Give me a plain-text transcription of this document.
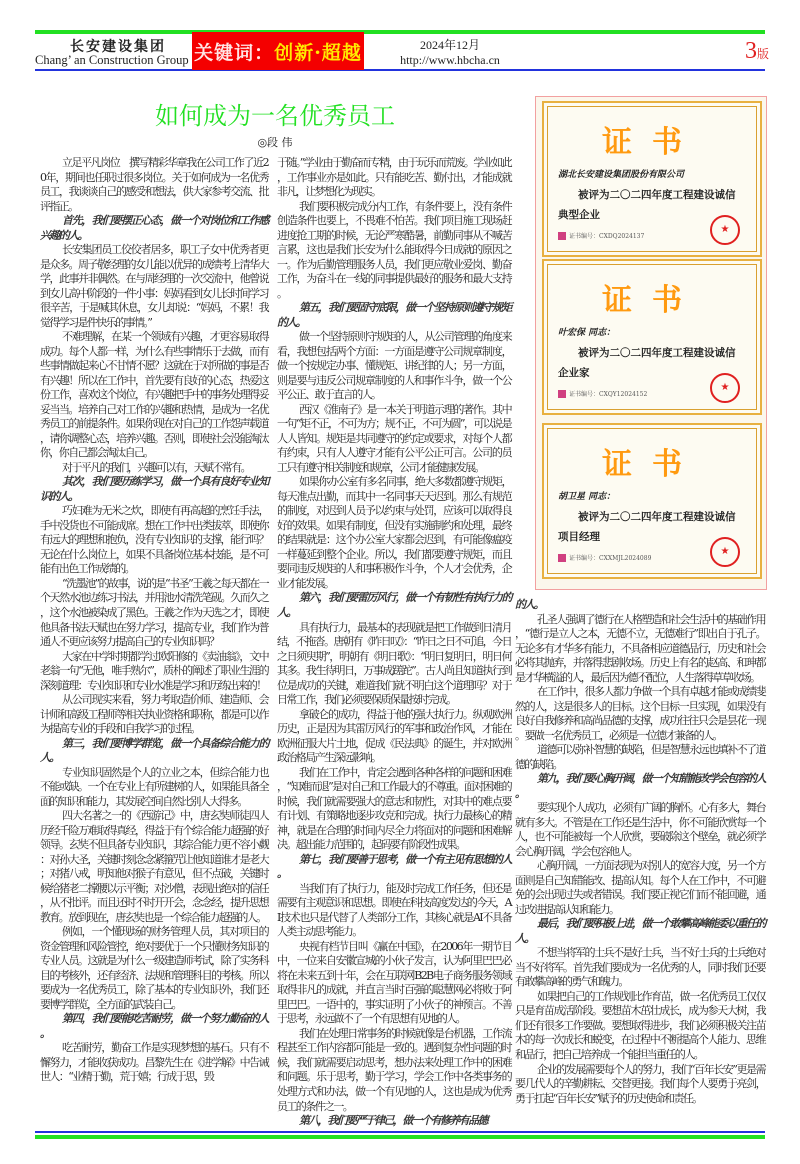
长安建设集团
Chang’ an Construction Group 关键词： 创新·超越	2024年12月
http://www.hbcha.cn	3版
如何成为一名优秀员工
◎段 伟

立足平凡岗位　撰写精彩华章我在公司工作了近20年，期间也任职过很多岗位。关于如何成为一名优秀员工，我谈谈自己的感受和想法，供大家参考交流、批评指正。

首先，我们要摆正心态，做一个对岗位和工作感兴趣的人。

长安集团员工佼佼者居多，职工子女中优秀者更是众多。周子敬经理的女儿能以优异的成绩考上清华大学，此事并非偶然。在与周经理的一次交流中，他曾说到女儿高中阶段的一件小事：妈妈看到女儿长时间学习很辛苦，于是喊其休息，女儿却说：“妈妈，不累！我觉得学习是件快乐的事情。”

不难理解，在某一个领域有兴趣，才更容易取得成功。每个人都一样，为什么有些事情乐于去做，而有些事情做起来心不甘情不愿？这就在于对所做的事是否有兴趣！所以在工作中，首先要有良好的心态，热爱这份工作，喜欢这个岗位，有兴趣把手中的事务处理得妥妥当当。培养自己对工作的兴趣和热情，是成为一名优秀员工的前提条件。如果你现在对自己的工作怨声载道，请你调整心态，培养兴趣。否则，即使社会没能淘汰你，你自己都会淘汰自己。

对于平凡的我们，兴趣可以有，天赋不常有。

其次，我们要历练学习，做一个具有良好专业知识的人。

巧妇难为无米之炊，即使有再高超的烹饪手法，手中没货也不可能成席。想在工作中出类拔萃，即使你有远大的理想和抱负，没有专业知识的支撑，能行吗？无论在什么岗位上，如果不具备岗位基本技能，是不可能有出色工作成绩的。

“洗墨池”的故事，说的是“书圣”王羲之每天都在一个天然水池边练习书法，并用池水清洗笔砚。久而久之，这个水池被染成了黑色。王羲之作为天选之才，即使他具备书法天赋也在努力学习，提高专业，我们作为普通人不更应该努力提高自己的专业知识吗？

大家在中学时期都学过欧阳修的《卖油翁》，文中老翁一句“无他，唯手熟尔”，质朴的阐述了职业生涯的深刻道理：专业知识和专业水准是学习和历练出来的！

从公司现实来看，努力考取造价师、建造师、会计师和高级工程师等相关执业资格和职称，都是可以作为提高专业的手段和自我学习的过程。

第三，我们要博学群览，做一个具备综合能力的人。

专业知识固然是个人的立业之本，但综合能力也不能或缺。一个在专业上有所建树的人，如果能具备全面的知识和能力，其发展空间自然比别人大得多。

四大名著之一的《西游记》中，唐玄奘师徒四人历经千险万难取得真经，得益于有个综合能力超强的好领导。玄奘不但具备专业知识，其综合能力更不容小觑：对孙大圣，关键时刻念念紧箍咒让他知道谁才是老大；对猪八戒，明知他对猴子有意见，但不点破，关键时候给猪老二撑腰以示平衡；对沙僧，表现出绝对的信任，从不批评。而且还时不时开开会，念念经，提升思想教育。放到现在，唐玄奘也是一个综合能力超强的人。

例如，一个懂现场的财务管理人员，其对项目的资金管理和风险管控，绝对要优于一个只懂财务知识的专业人员。这就是为什么一级建造师考试，除了实务科目的考核外，还有经济、法规和管理科目的考核。所以要成为一名优秀员工，除了基本的专业知识外，我们还要博学群览，全方面的武装自己。

第四，我们要能吃苦耐劳，做一个努力勤奋的人。

吃苦耐劳，勤奋工作是实现梦想的基石。只有不懈努力，才能收获成功。昌黎先生在《进学解》中告诫世人：“业精于勤，荒于嬉；行成于思，毁

于随。”学业由于勤奋而专精，由于玩乐而荒废。学业如此，工作事业亦是如此。只有能吃苦、勤付出，才能成就非凡，让梦想化为现实。

我们要积极完成分内工作，有条件要上，没有条件创造条件也要上，不畏难不怕苦。我们项目施工现场赶进度抢工期的时候，无论严寒酷暑，前勤同事从不喊苦言累，这也是我们长安为什么能取得今日成就的原因之一。作为后勤管理服务人员，我们更应敬业爱岗、勤奋工作，为奋斗在一线的同事提供最好的服务和最大支持。

第五，我们要固守底限，做一个坚持原则遵守规矩的人。

做一个坚持原则守规矩的人，从公司管理的角度来看，我想包括两个方面：一方面是遵守公司规章制度，做一个按规定办事、懂规矩、讲纪律的人；另一方面，则是要与违反公司规章制度的人和事作斗争，做一个公平公正、敢于直言的人。

西汉《淮南子》是一本关于明道示理的著作。其中一句“矩不正，不可为方；规不正，不可为圆”，可以说是人人皆知。规矩是共同遵守的约定或要求，对每个人都有约束，只有人人遵守才能有公平公正可言。公司的员工只有遵守相关制度和规章，公司才能健康发展。

如果你办公室有多名同事，绝大多数都遵守规矩，每天准点出勤，而其中一名同事天天迟到。那么有规范的制度，对迟到人员予以约束与处罚，应该可以取得良好的效果。如果有制度，但没有实施制约和处理，最终的结果就是：这个办公室大家都会迟到，有可能像瘟疫一样蔓延到整个企业。所以，我们都要遵守规矩，而且要同违反规矩的人和事积极作斗争，个人才会优秀，企业才能发展。

第六，我们要雷厉风行，做一个有韧性有执行力的人。

具有执行力，最基本的表现就是把工作做到日清月结，不拖沓。唐朝有《昨日叹》：“昨日之日不可追，今日之日须臾期”，明朝有《明日歌》：“明日复明日，明日何其多。我生待明日，万事成蹉跎”。古人尚且知道执行到位是成功的关键，难道我们就不明白这个道理吗？对于日常工作，我们必须要保质保量按时完成。

拿破仑的成功，得益于他的强大执行力。纵观欧洲历史，正是因为其雷厉风行的军事和政治作风，才能在欧洲征服大片土地，促成《民法典》的诞生，并对欧洲政治格局产生深远影响。

我们在工作中，肯定会遇到各种各样的问题和困难，“知难而退”是对自己和工作最大的不尊重。面对困难的时候，我们就需要强大的意志和韧性，对其中的难点要有计划、有策略地逐步攻克和完成。执行力最核心的精神，就是在合理的时间内尽全力将面对的问题和困难解决。超出能力范围的，起码要有阶段性成果。

第七，我们要善于思考，做一个有主见有思想的人。

当我们有了执行力，能及时完成工作任务，但还是需要有主观意识和思想。即使在科技高度发达的今天，AI技术也只是代替了人类部分工作，其核心就是AI不具备人类主动思考能力。

央视有档节目叫《赢在中国》，在2006年一期节目中，一位来自安徽宣城的小伙子发言，认为阿里巴巴必将在未来五到十年，会在互联网B2B电子商务服务领域取得非凡的成就，并直言当时百强的聪慧网必将败于阿里巴巴。一语中的，事实证明了小伙子的神预言。不善于思考，永远做不了一个有思想有见地的人。

我们在处理日常事务的时候就像是台机器，工作流程甚至工作内容都可能是一致的。遇到复杂性问题的时候，我们就需要启动思考，想办法来处理工作中的困难和问题。乐于思考，勤于学习，学会工作中各类事务的处理方式和办法，做一个有见地的人，这也是成为优秀员工的条件之一。

第八，我们要严于律己，做一个有修养有品德

的人。

孔圣人强调了德行在人格塑造和社会生活中的基础作用，“德行是立人之本，无德不立，无德难行”即出自于孔子。无论多有才华多有能力，不具备相应道德品行，历史和社会必将其抛弃，并落得悲剧收场。历史上有名的赵高、和珅都是才华横溢的人，最后因为德不配位，人生落得草草收场。

在工作中，很多人都力争做一个具有卓越才能或成绩斐然的人，这是很多人的目标。这个目标一旦实现，如果没有良好自我修养和高尚品德的支撑，成功往往只会是昙花一现。要做一名优秀员工，必须是一位德才兼备的人。

道德可以弥补智慧的缺陷，但是智慧永远也填补不了道德的缺陷。

第九，我们要心胸开阔，做一个知错能改学会包容的人。

要实现个人成功，必须有广阔的胸怀。心有多大，舞台就有多大。不管是在工作还是生活中，你不可能欣赏每一个人，也不可能被每一个人欣赏，要破除这个壁垒，就必须学会心胸开阔，学会包容他人。

心胸开阔，一方面表现为对别人的宽容大度，另一个方面则是自己知错能改、提高认知。每个人在工作中，不可避免的会出现过失或者错误。我们要正视它们而不能回避，通过改进提高认知和能力。

最后，我们要积极上进，做一个敢攀高峰能委以重任的人。

不想当将军的士兵不是好士兵，当不好士兵的士兵绝对当不好将军。首先我们要成为一名优秀的人，同时我们还要有敢攀高峰的勇气和魄力。

如果把自己的工作规划比作育苗，做一名优秀员工仅仅只是育苗成活阶段。要想苗木茁壮成长，成为参天大树，我们还有很多工作要做。要想取得进步，我们必须积极关注苗木的每一次成长和蜕变，在过程中不断提高个人能力、思维和品行，把自己培养成一个能担当重任的人。

企业的发展需要每个人的努力，我们“百年长安”更是需要几代人的辛勤耕耘、交替更接。我们每个人要勇于亮剑，勇于扛起“百年长安”赋予的历史使命和责任。

证书
湖北长安建设集团股份有限公司
被评为二〇二四年度工程建设诚信
典型企业
证书编号：CXDQ2024137
★
证书
叶宏保 同志：
被评为二〇二四年度工程建设诚信
企业家
证书编号：CXQY12024152
★
证书
胡卫星 同志：
被评为二〇二四年度工程建设诚信
项目经理
证书编号：CXXMJL2024089
★
